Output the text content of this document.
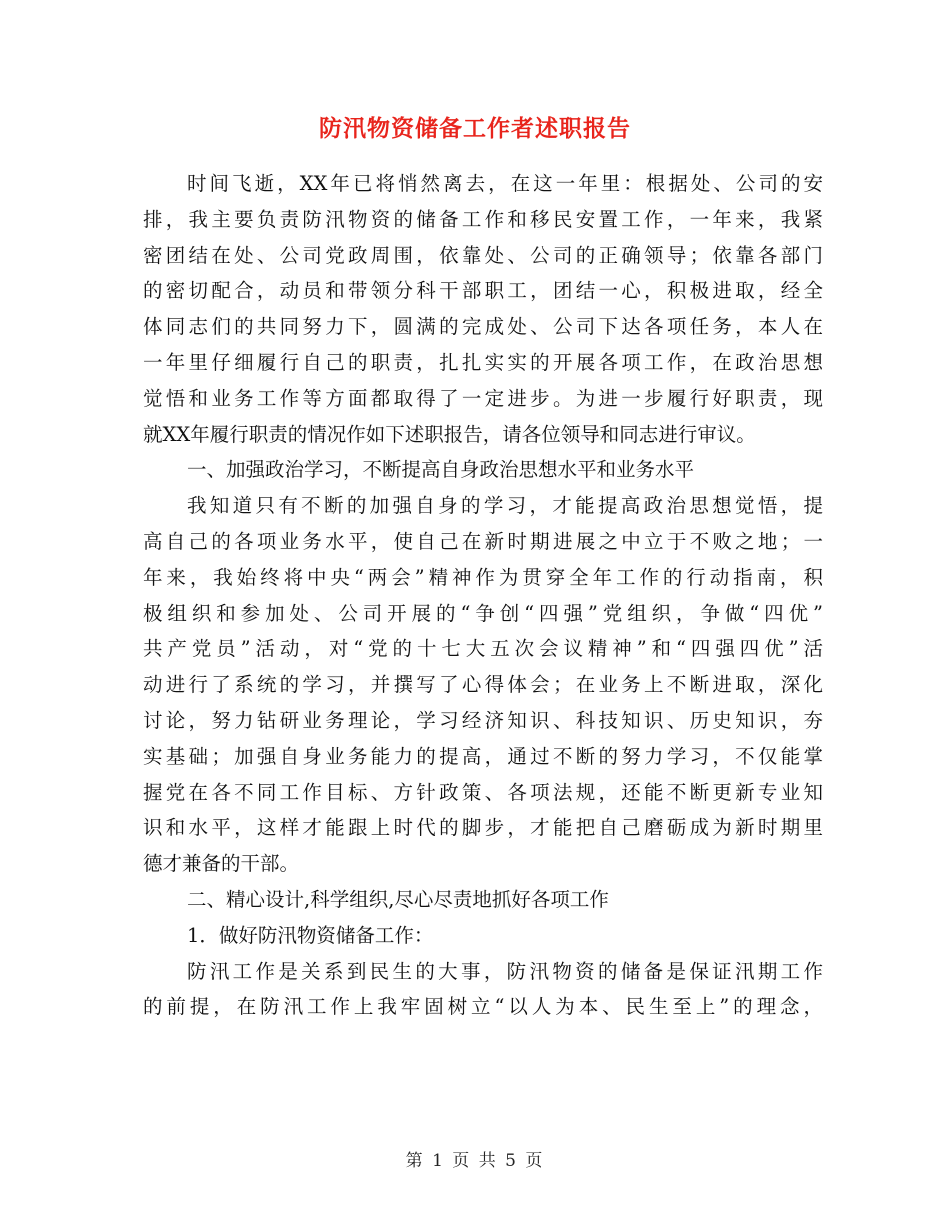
防汛物资储备工作者述职报告
时间飞逝，XX年已将悄然离去，在这一年里：根据处、公司的安
排，我主要负责防汛物资的储备工作和移民安置工作，一年来，我紧
密团结在处、公司党政周围，依靠处、公司的正确领导；依靠各部门
的密切配合，动员和带领分科干部职工，团结一心，积极进取，经全
体同志们的共同努力下，圆满的完成处、公司下达各项任务，本人在
一年里仔细履行自己的职责，扎扎实实的开展各项工作，在政治思想
觉悟和业务工作等方面都取得了一定进步。为进一步履行好职责，现
就XX年履行职责的情况作如下述职报告，请各位领导和同志进行审议。
一、加强政治学习，不断提高自身政治思想水平和业务水平
我知道只有不断的加强自身的学习，才能提高政治思想觉悟，提
高自己的各项业务水平，使自己在新时期进展之中立于不败之地；一
年来，我始终将中央“两会”精神作为贯穿全年工作的行动指南，积
极组织和参加处、公司开展的“争创“四强”党组织，争做“四优”
共产党员”活动，对“党的十七大五次会议精神”和“四强四优”活
动进行了系统的学习，并撰写了心得体会；在业务上不断进取，深化
讨论，努力钻研业务理论，学习经济知识、科技知识、历史知识，夯
实基础；加强自身业务能力的提高，通过不断的努力学习，不仅能掌
握党在各不同工作目标、方针政策、各项法规，还能不断更新专业知
识和水平，这样才能跟上时代的脚步，才能把自己磨砺成为新时期里
德才兼备的干部。
二、精心设计,科学组织,尽心尽责地抓好各项工作
1．做好防汛物资储备工作：
防汛工作是关系到民生的大事，防汛物资的储备是保证汛期工作
的前提，在防汛工作上我牢固树立“以人为本、民生至上”的理念，
第 1 页 共 5 页
